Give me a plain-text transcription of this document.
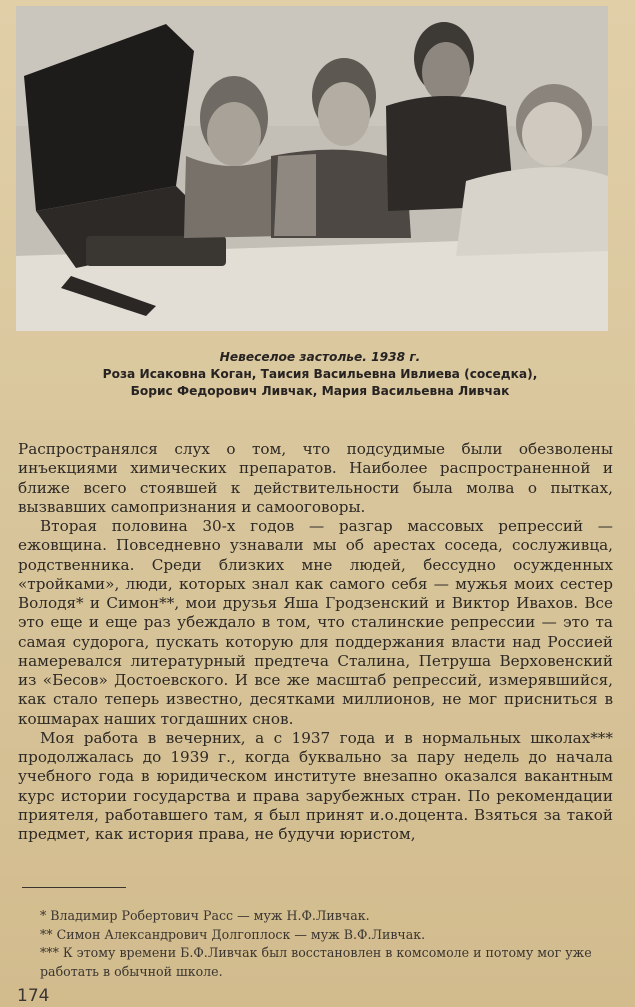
Невеселое застолье. 1938 г.
Роза Исаковна Коган, Таисия Васильевна Ивлиева (соседка),
Борис Федорович Ливчак, Мария Васильевна Ливчак

Распространялся слух о том, что подсудимые были обезволены инъекциями химических препаратов. Наиболее распространенной и ближе всего стоявшей к действительности была молва о пытках, вызвавших самопризнания и самооговоры.

Вторая половина 30-х годов — разгар массовых репрессий — ежовщина. Повседневно узнавали мы об арестах соседа, сослуживца, родственника. Среди близких мне людей, бессудно осужденных «тройками», люди, которых знал как самого себя — мужья моих сестер Володя* и Симон**, мои друзья Яша Гродзенский и Виктор Ивахов. Все это еще и еще раз убеждало в том, что сталинские репрессии — это та самая судорога, пускать которую для поддержания власти над Россией намеревался литературный предтеча Сталина, Петруша Верховенский из «Бесов» Достоевского. И все же масштаб репрессий, измерявшийся, как стало теперь известно, десятками миллионов, не мог присниться в кошмарах наших тогдашних снов.

Моя работа в вечерних, а с 1937 года и в нормальных школах*** продолжалась до 1939 г., когда буквально за пару недель до начала учебного года в юридическом институте внезапно оказался вакантным курс истории государства и права зарубежных стран. По рекомендации приятеля, работавшего там, я был принят и.о.доцента. Взяться за такой предмет, как история права, не будучи юристом,

* Владимир Робертович Расс — муж Н.Ф.Ливчак.

** Симон Александрович Долгоплоск — муж В.Ф.Ливчак.

*** К этому времени Б.Ф.Ливчак был восстановлен в комсомоле и потому мог уже работать в обычной школе.

174
